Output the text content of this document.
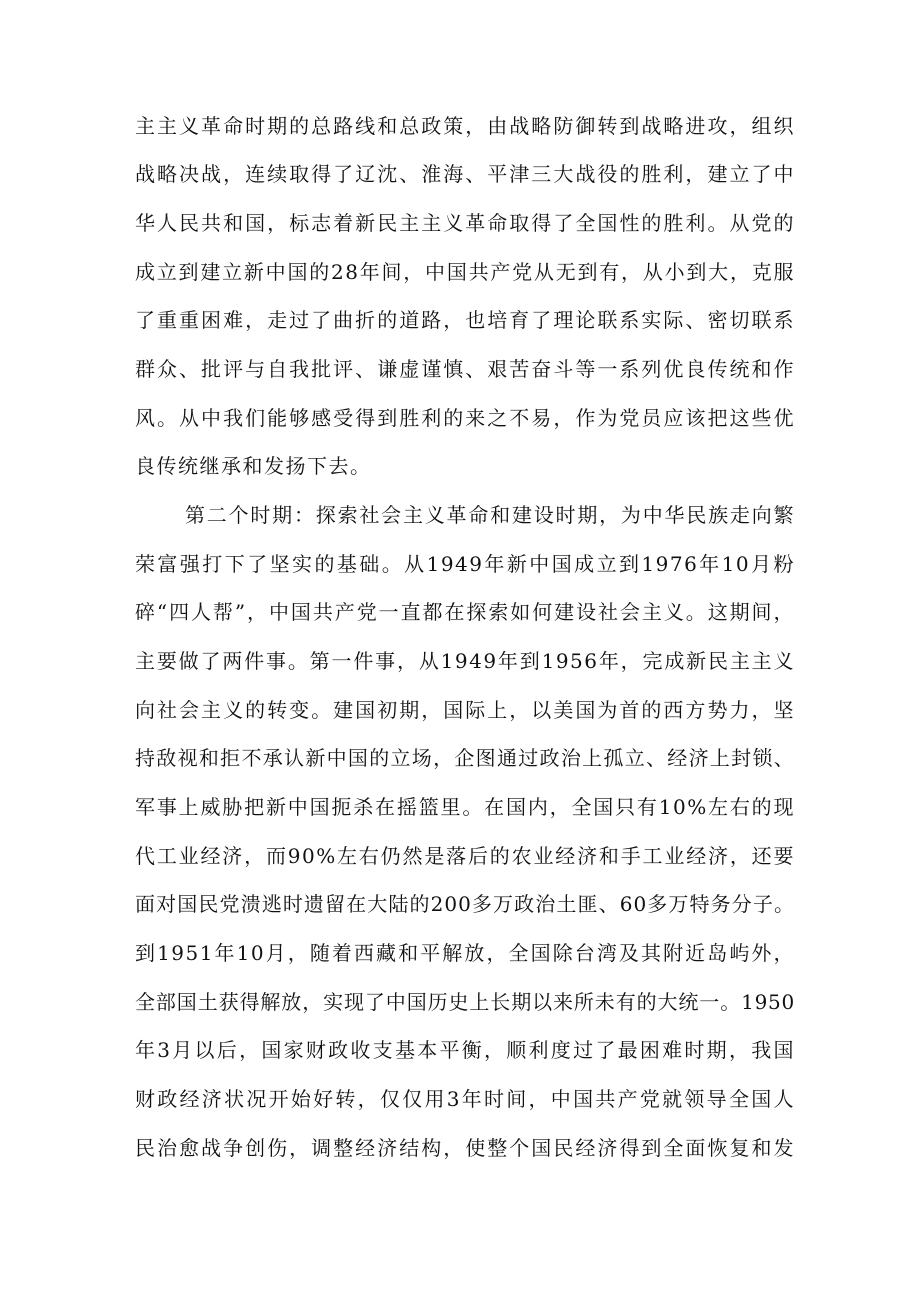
主主义革命时期的总路线和总政策，由战略防御转到战略进攻，组织
战略决战，连续取得了辽沈、淮海、平津三大战役的胜利，建立了中
华人民共和国，标志着新民主主义革命取得了全国性的胜利。从党的
成立到建立新中国的28年间，中国共产党从无到有，从小到大，克服
了重重困难，走过了曲折的道路，也培育了理论联系实际、密切联系
群众、批评与自我批评、谦虚谨慎、艰苦奋斗等一系列优良传统和作
风。从中我们能够感受得到胜利的来之不易，作为党员应该把这些优
良传统继承和发扬下去。
第二个时期：探索社会主义革命和建设时期，为中华民族走向繁
荣富强打下了坚实的基础。从1949年新中国成立到1976年10月粉
碎“四人帮”，中国共产党一直都在探索如何建设社会主义。这期间，
主要做了两件事。第一件事，从1949年到1956年，完成新民主主义
向社会主义的转变。建国初期，国际上，以美国为首的西方势力，坚
持敌视和拒不承认新中国的立场，企图通过政治上孤立、经济上封锁、
军事上威胁把新中国扼杀在摇篮里。在国内，全国只有10%左右的现
代工业经济，而90%左右仍然是落后的农业经济和手工业经济，还要
面对国民党溃逃时遗留在大陆的200多万政治土匪、60多万特务分子。
到1951年10月，随着西藏和平解放，全国除台湾及其附近岛屿外，
全部国土获得解放，实现了中国历史上长期以来所未有的大统一。1950
年3月以后，国家财政收支基本平衡，顺利度过了最困难时期，我国
财政经济状况开始好转，仅仅用3年时间，中国共产党就领导全国人
民治愈战争创伤，调整经济结构，使整个国民经济得到全面恢复和发
